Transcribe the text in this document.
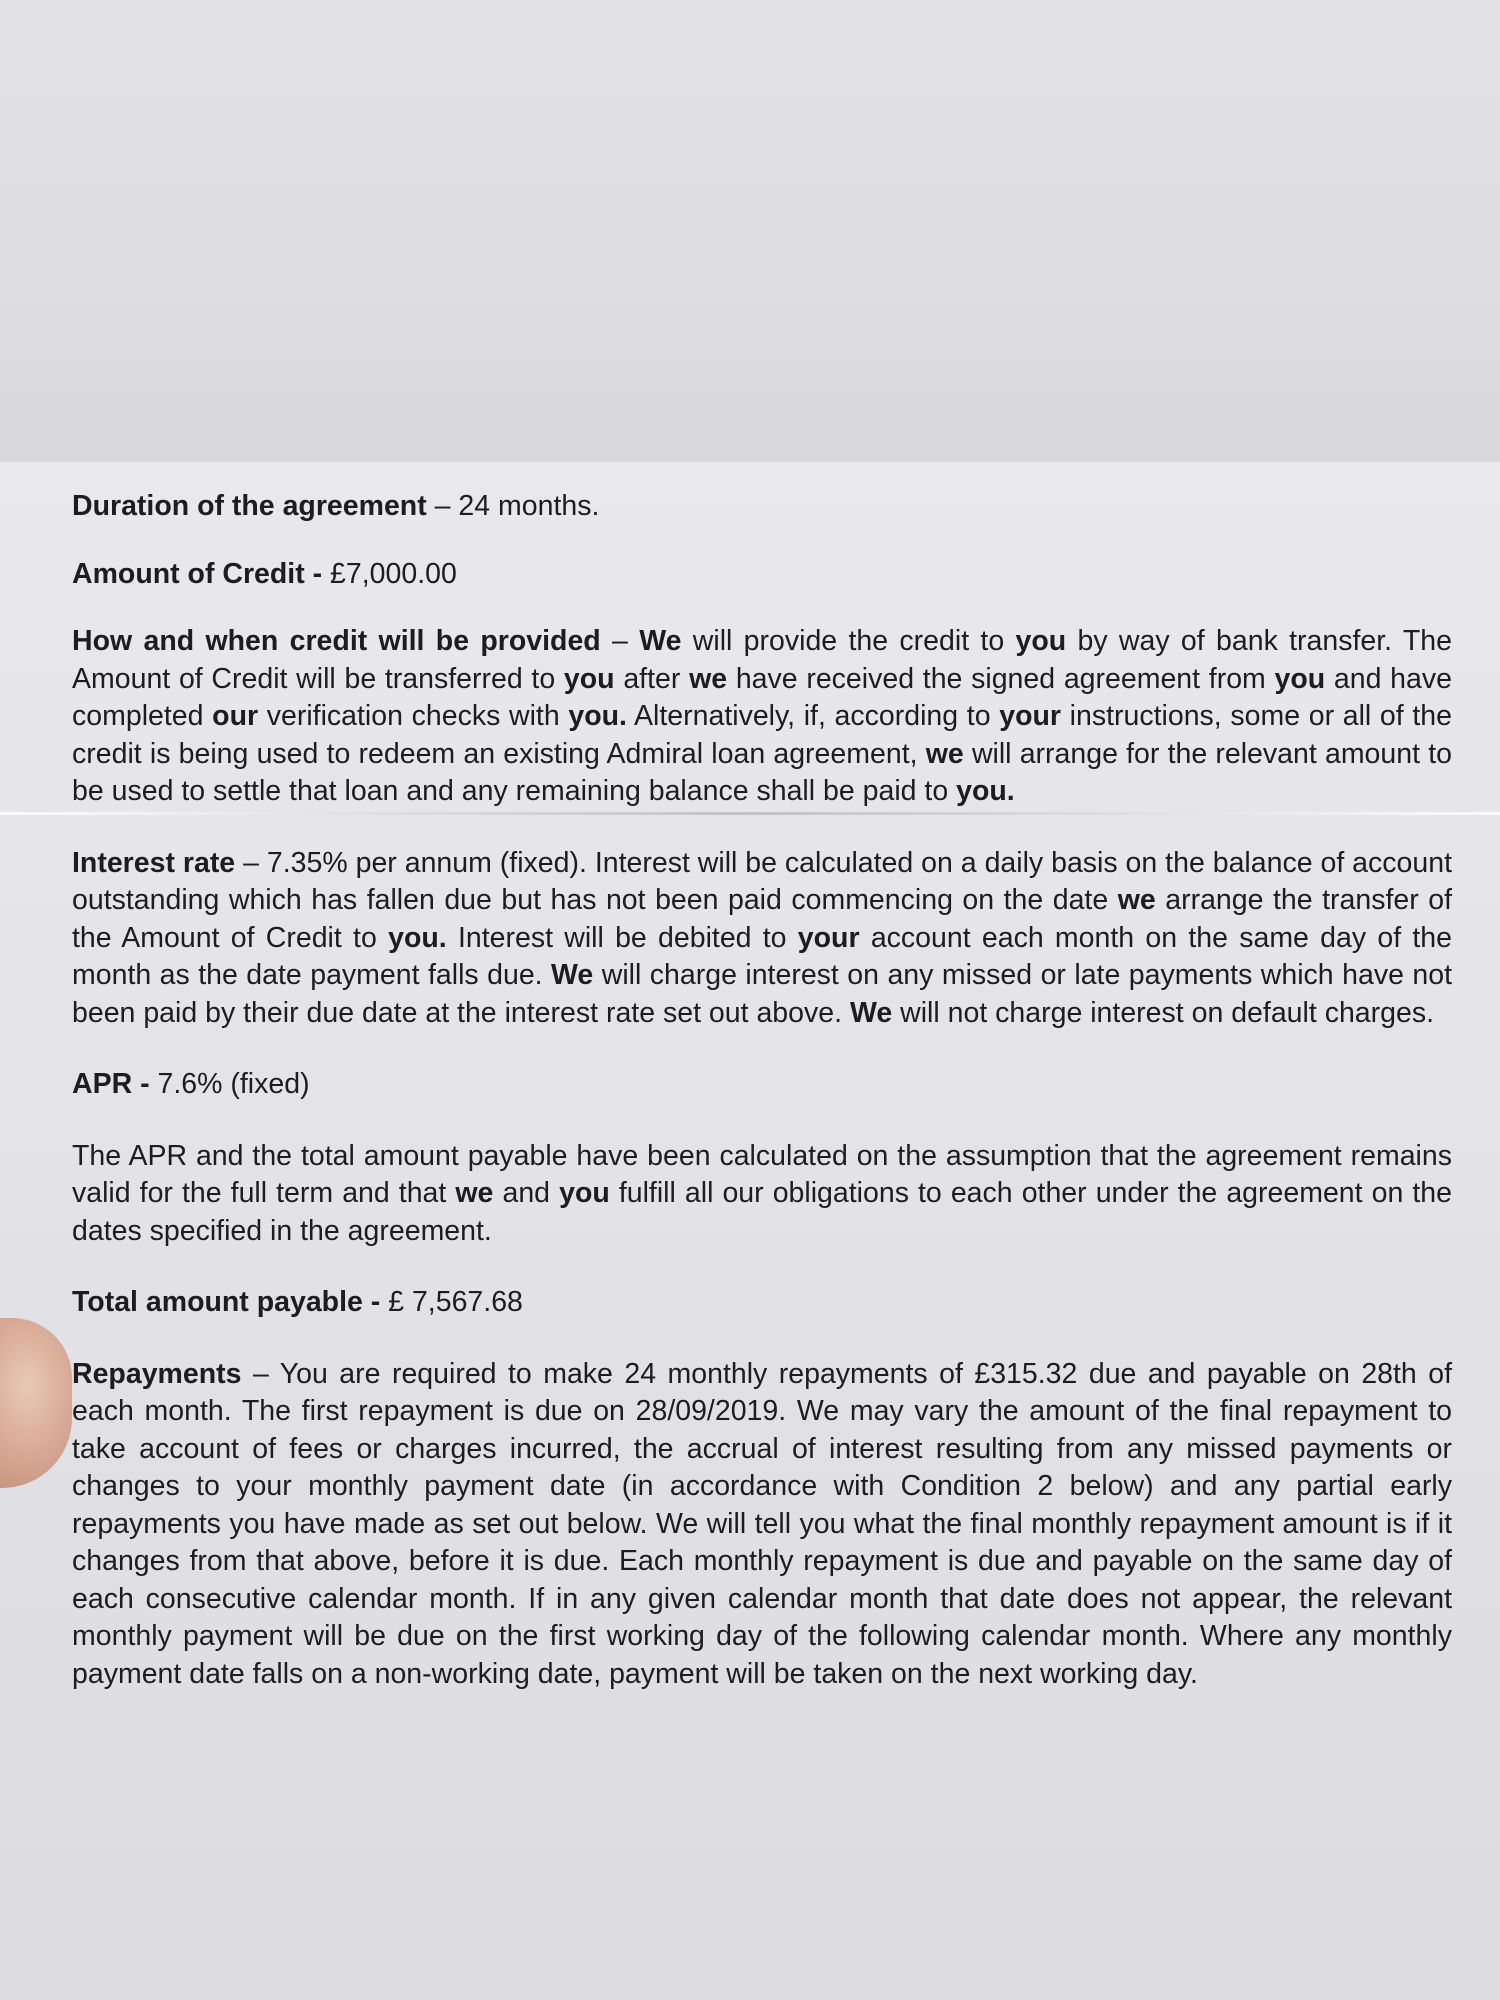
Duration of the agreement – 24 months.

Amount of Credit - £7,000.00

How and when credit will be provided – We will provide the credit to you by way of bank transfer. The Amount of Credit will be transferred to you after we have received the signed agreement from you and have completed our verification checks with you. Alternatively, if, according to your instructions, some or all of the credit is being used to redeem an existing Admiral loan agreement, we will arrange for the relevant amount to be used to settle that loan and any remaining balance shall be paid to you.

Interest rate – 7.35% per annum (fixed). Interest will be calculated on a daily basis on the balance of account outstanding which has fallen due but has not been paid commencing on the date we arrange the transfer of the Amount of Credit to you. Interest will be debited to your account each month on the same day of the month as the date payment falls due. We will charge interest on any missed or late payments which have not been paid by their due date at the interest rate set out above. We will not charge interest on default charges.

APR - 7.6% (fixed)

The APR and the total amount payable have been calculated on the assumption that the agreement remains valid for the full term and that we and you fulfill all our obligations to each other under the agreement on the dates specified in the agreement.

Total amount payable - £ 7,567.68

Repayments – You are required to make 24 monthly repayments of £315.32 due and payable on 28th of each month. The first repayment is due on 28/09/2019. We may vary the amount of the final repayment to take account of fees or charges incurred, the accrual of interest resulting from any missed payments or changes to your monthly payment date (in accordance with Condition 2 below) and any partial early repayments you have made as set out below. We will tell you what the final monthly repayment amount is if it changes from that above, before it is due. Each monthly repayment is due and payable on the same day of each consecutive calendar month. If in any given calendar month that date does not appear, the relevant monthly payment will be due on the first working day of the following calendar month. Where any monthly payment date falls on a non-working date, payment will be taken on the next working day.
